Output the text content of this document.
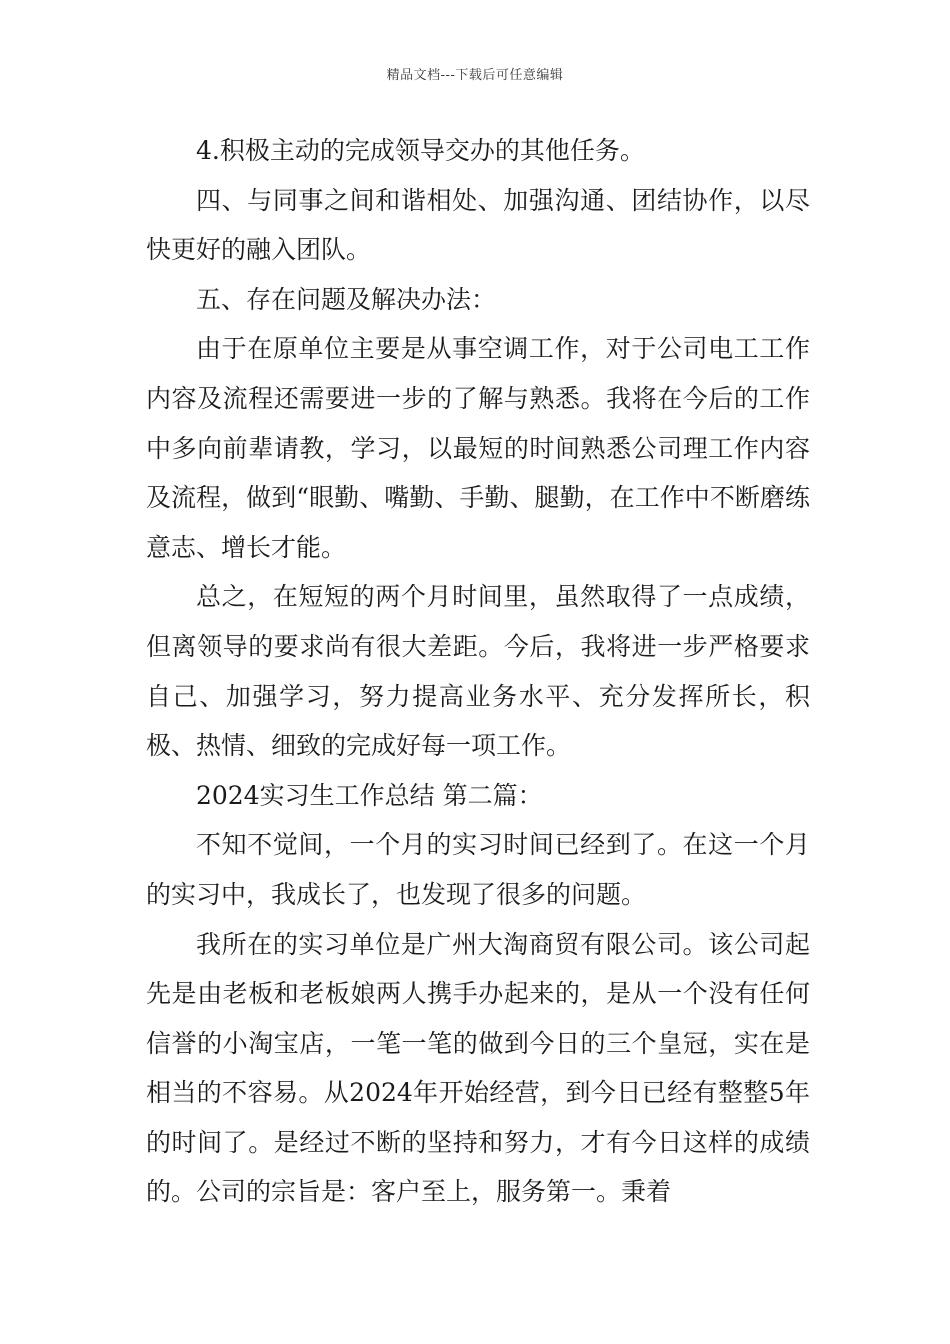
精品文档---下载后可任意编辑

4.积极主动的完成领导交办的其他任务。

四、与同事之间和谐相处、加强沟通、团结协作，以尽快更好的融入团队。

五、存在问题及解决办法：

由于在原单位主要是从事空调工作，对于公司电工工作内容及流程还需要进一步的了解与熟悉。我将在今后的工作中多向前辈请教，学习，以最短的时间熟悉公司理工作内容及流程，做到“眼勤、嘴勤、手勤、腿勤，在工作中不断磨练意志、增长才能。

总之，在短短的两个月时间里，虽然取得了一点成绩，但离领导的要求尚有很大差距。今后，我将进一步严格要求自己、加强学习，努力提高业务水平、充分发挥所长，积极、热情、细致的完成好每一项工作。

2024实习生工作总结 第二篇：

不知不觉间，一个月的实习时间已经到了。在这一个月的实习中，我成长了，也发现了很多的问题。

我所在的实习单位是广州大淘商贸有限公司。该公司起先是由老板和老板娘两人携手办起来的，是从一个没有任何信誉的小淘宝店，一笔一笔的做到今日的三个皇冠，实在是相当的不容易。从2024年开始经营，到今日已经有整整5年的时间了。是经过不断的坚持和努力，才有今日这样的成绩的。公司的宗旨是：客户至上，服务第一。秉着
